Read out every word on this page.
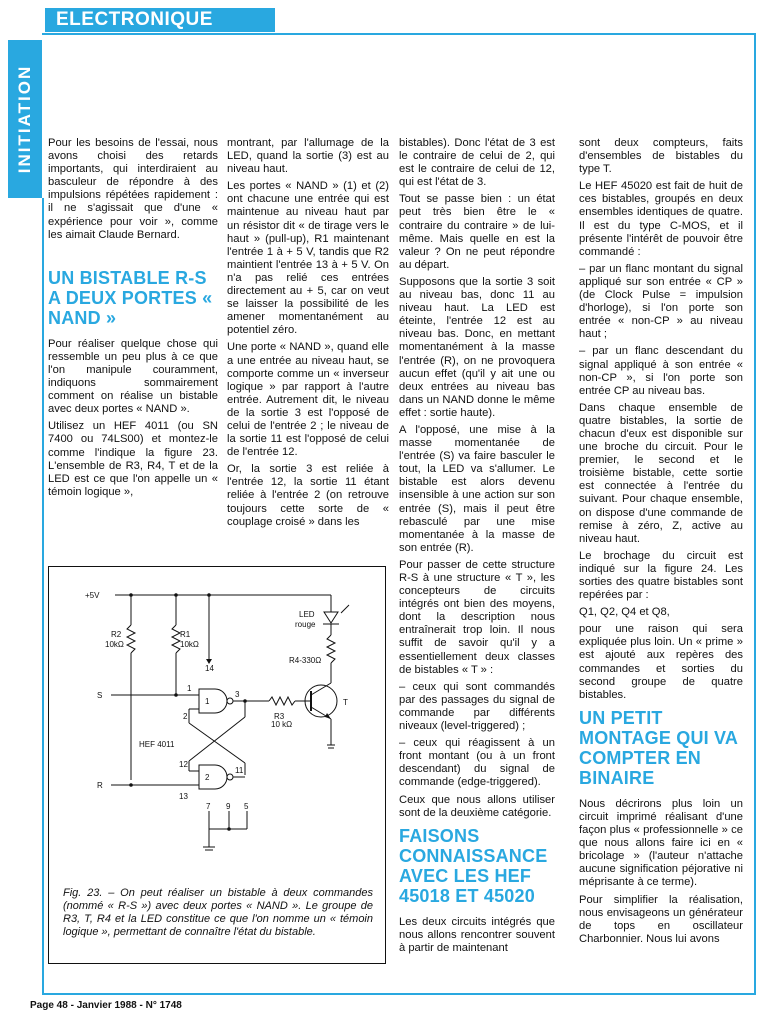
ELECTRONIQUE
INITIATION Pour les besoins de l'essai, nous avons choisi des retards importants, qui interdiraient au basculeur de répondre à des impulsions répétées rapidement : il ne s'agissait que d'une « expérience pour voir », comme les aimait Claude Bernard.

UN BISTABLE R-S A DEUX PORTES « NAND »

Pour réaliser quelque chose qui ressemble un peu plus à ce que l'on manipule couramment, indiquons sommairement comment on réalise un bistable avec deux portes « NAND ».

Utilisez un HEF 4011 (ou SN 7400 ou 74LS00) et montez-le comme l'indique la figure 23. L'ensemble de R3, R4, T et de la LED est ce que l'on appelle un « témoin logique »,

montrant, par l'allumage de la LED, quand la sortie (3) est au niveau haut.

Les portes « NAND » (1) et (2) ont chacune une entrée qui est maintenue au niveau haut par un résistor dit « de tirage vers le haut » (pull-up), R1 maintenant l'entrée 1 à + 5 V, tandis que R2 maintient l'entrée 13 à + 5 V. On n'a pas relié ces entrées directement au + 5, car on veut se laisser la possibilité de les amener momentanément au potentiel zéro.

Une porte « NAND », quand elle a une entrée au niveau haut, se comporte comme un « inverseur logique » par rapport à l'autre entrée. Autrement dit, le niveau de la sortie 3 est l'opposé de celui de l'entrée 2 ; le niveau de la sortie 11 est l'opposé de celui de l'entrée 12.

Or, la sortie 3 est reliée à l'entrée 12, la sortie 11 étant reliée à l'entrée 2 (on retrouve toujours cette sorte de « couplage croisé » dans les

bistables). Donc l'état de 3 est le contraire de celui de 2, qui est le contraire de celui de 12, qui est l'état de 3.

Tout se passe bien : un état peut très bien être le « contraire du contraire » de lui-même. Mais quelle en est la valeur ? On ne peut répondre au départ.

Supposons que la sortie 3 soit au niveau bas, donc 11 au niveau haut. La LED est éteinte, l'entrée 12 est au niveau bas. Donc, en mettant momentanément à la masse l'entrée (R), on ne provoquera aucun effet (qu'il y ait une ou deux entrées au niveau bas dans un NAND donne le même effet : sortie haute).

A l'opposé, une mise à la masse momentanée de l'entrée (S) va faire basculer le tout, la LED va s'allumer. Le bistable est alors devenu insensible à une action sur son entrée (S), mais il peut être rebasculé par une mise momentanée à la masse de son entrée (R).

Pour passer de cette structure R-S à une structure « T », les concepteurs de circuits intégrés ont bien des moyens, dont la description nous entraînerait trop loin. Il nous suffit de savoir qu'il y a essentiellement deux classes de bistables « T » :

– ceux qui sont commandés par des passages du signal de commande par différents niveaux (level-triggered) ;

– ceux qui réagissent à un front montant (ou à un front descendant) du signal de commande (edge-triggered).

Ceux que nous allons utiliser sont de la deuxième catégorie.

FAISONS CONNAISSANCE AVEC LES HEF 45018 ET 45020

Les deux circuits intégrés que nous allons rencontrer souvent à partir de maintenant

sont deux compteurs, faits d'ensembles de bistables du type T.

Le HEF 45020 est fait de huit de ces bistables, groupés en deux ensembles identiques de quatre. Il est du type C-MOS, et il présente l'intérêt de pouvoir être commandé :

– par un flanc montant du signal appliqué sur son entrée « CP » (de Clock Pulse = impulsion d'horloge), si l'on porte son entrée « non-CP » au niveau haut ;

– par un flanc descendant du signal appliqué à son entrée « non-CP », si l'on porte son entrée CP au niveau bas.

Dans chaque ensemble de quatre bistables, la sortie de chacun d'eux est disponible sur une broche du circuit. Pour le premier, le second et le troisième bistable, cette sortie est connectée à l'entrée du suivant. Pour chaque ensemble, on dispose d'une commande de remise à zéro, Z, active au niveau haut.

Le brochage du circuit est indiqué sur la figure 24. Les sorties des quatre bistables sont repérées par :

Q1, Q2, Q4 et Q8,

pour une raison qui sera expliquée plus loin. Un « prime » est ajouté aux repères des commandes et sorties du second groupe de quatre bistables.

UN PETIT MONTAGE QUI VA COMPTER EN BINAIRE

Nous décrirons plus loin un circuit imprimé réalisant d'une façon plus « professionnelle » ce que nous allons faire ici en « bricolage » (l'auteur n'attache aucune signification péjorative ni méprisante à ce terme).

Pour simplifier la réalisation, nous envisageons un générateur de tops en oscillateur Charbonnier. Nous lui avons

+5V
S
R
R2
10kΩ
R1
10kΩ
R3
10 kΩ
R4-330Ω
LED
rouge
T
HEF 4011
1
2
1
2
3
11
12
13
14
7 9 5
Fig. 23. – On peut réaliser un bistable à deux commandes (nommé « R-S ») avec deux portes « NAND ». Le groupe de R3, T, R4 et la LED constitue ce que l'on nomme un « témoin logique », permettant de connaître l'état du bistable.
Page 48 - Janvier 1988 - N° 1748
